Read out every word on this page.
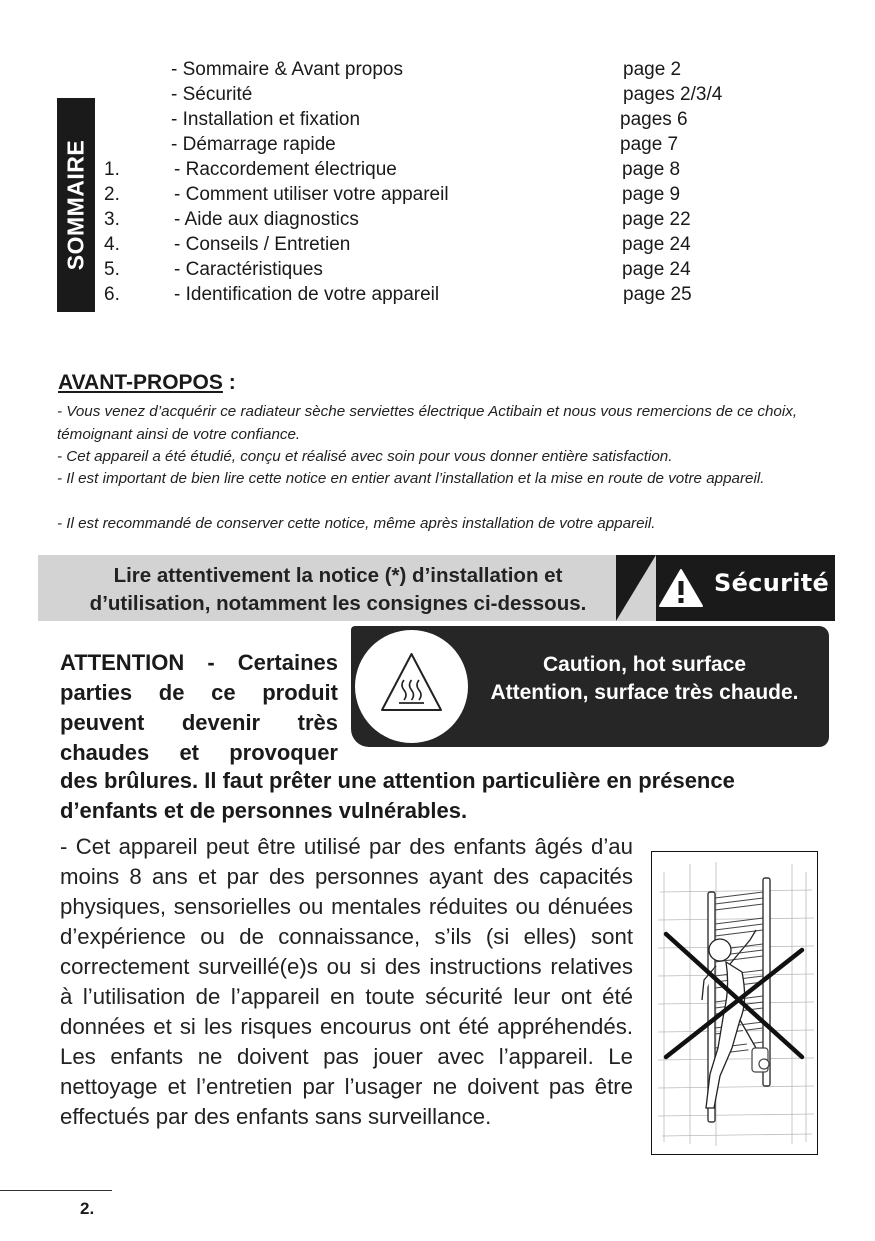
SOMMAIRE
- Sommaire & Avant propos	page 2
- Sécurité	pages 2/3/4
- Installation et fixation	pages 6
- Démarrage rapide	page 7
1.	- Raccordement électrique	page 8
2.	- Comment utiliser votre appareil	page 9
3.	- Aide aux diagnostics	page 22
4.	- Conseils / Entretien	page 24
5.	- Caractéristiques	page 24
6.	- Identification de votre appareil	page 25
AVANT-PROPOS :
- Vous venez d’acquérir ce radiateur sèche serviettes électrique Actibain et nous vous remercions de ce choix, témoignant ainsi de votre confiance.
- Cet appareil a été étudié, conçu et réalisé avec soin pour vous donner entière satisfaction.
- Il est important de bien lire cette notice en entier avant l’installation et la mise en route de votre appareil.
- Il est recommandé de conserver cette notice, même après installation de votre appareil.
Lire attentivement la notice (*) d’installation et
d’utilisation, notamment les consignes ci-dessous.
Sécurité
ATTENTION - Certaines parties de ce produit peuvent devenir très chaudes et provoquer
des brûlures. Il faut prêter une attention particulière en présence d’enfants et de personnes vulnérables.
Caution, hot surface
Attention, surface très chaude.
- Cet appareil peut être utilisé par des enfants âgés d’au moins 8 ans et par des personnes ayant des capacités physiques, sensorielles ou mentales réduites ou dénuées d’expérience ou de connaissance, s’ils (si elles) sont correctement surveillé(e)s ou si des instructions relatives à l’utilisation de l’appareil en toute sécurité leur ont été données et si les risques encourus ont été appréhendés. Les enfants ne doivent pas jouer avec l’appareil. Le nettoyage et l’entretien par l’usager ne doivent pas être effectués par des enfants sans surveillance.
2.
